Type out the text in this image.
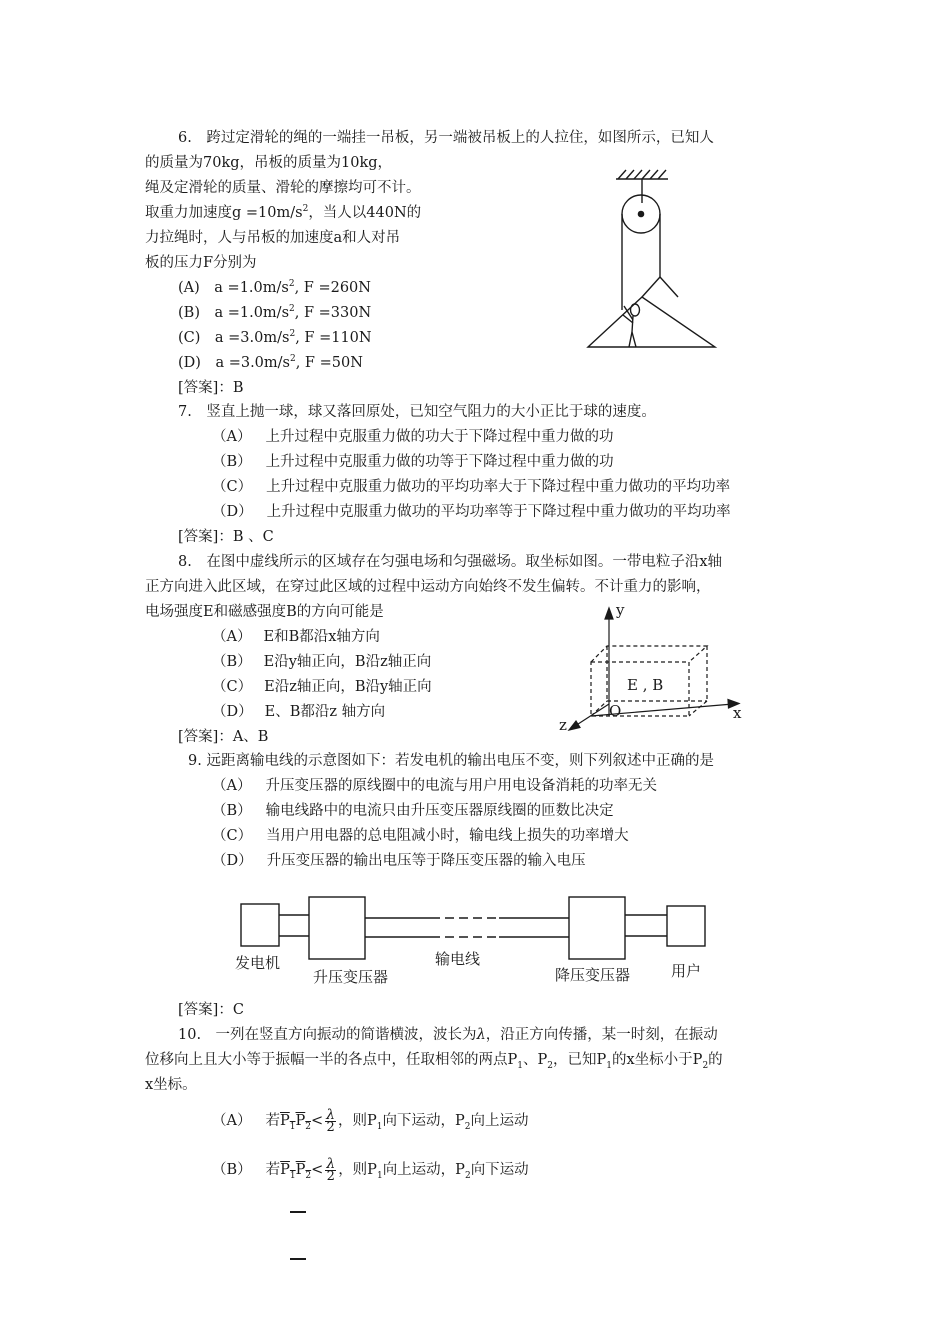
6.　跨过定滑轮的绳的一端挂一吊板，另一端被吊板上的人拉住，如图所示，已知人
的质量为70kg，吊板的质量为10kg，
绳及定滑轮的质量、滑轮的摩擦均可不计。
取重力加速度$g =10m/s^2$，当人以440N的
力拉绳时，人与吊板的加速度a和人对吊
板的压力F分别为
(A)　$a =1.0m/s^2$, F =260N
(B)　$a =1.0m/s^2$, F =330N
(C)　$a =3.0m/s^2$, F =110N
(D)　$a =3.0m/s^2$, F =50N
[答案]：B
7.　竖直上抛一球，球又落回原处，已知空气阻力的大小正比于球的速度。
（A） 上升过程中克服重力做的功大于下降过程中重力做的功
（B） 上升过程中克服重力做的功等于下降过程中重力做的功
（C） 上升过程中克服重力做功的平均功率大于下降过程中重力做功的平均功率
（D） 上升过程中克服重力做功的平均功率等于下降过程中重力做功的平均功率
[答案]：B 、C
8.　在图中虚线所示的区域存在匀强电场和匀强磁场。取坐标如图。一带电粒子沿x轴
正方向进入此区域，在穿过此区域的过程中运动方向始终不发生偏转。不计重力的影响，
电场强度E和磁感强度B的方向可能是
（A） E和B都沿x轴方向
（B） E沿y轴正向，B沿z轴正向
（C） E沿z轴正向，B沿y轴正向
（D） E、B都沿z 轴方向
[答案]：A、B
y
x
z
O
E , B
9. 远距离输电线的示意图如下：若发电机的输出电压不变，则下列叙述中正确的是
（A） 升压变压器的原线圈中的电流与用户用电设备消耗的功率无关
（B） 输电线路中的电流只由升压变压器原线圈的匝数比决定
（C） 当用户用电器的总电阻减小时，输电线上损失的功率增大
（D） 升压变压器的输出电压等于降压变压器的输入电压
发电机
升压变压器
输电线
降压变压器	用户
[答案]：C
10.　一列在竖直方向振动的简谐横波，波长为λ，沿正方向传播，某一时刻，在振动
位移向上且大小等于振幅一半的各点中，任取相邻的两点$P_1$、$P_2$，已知$P_1$的x坐标小于$P_2$的
x坐标。
（A） 若$P_1P_2< \frac{\lambda}{2}$ ，则$P_1$向下运动，$P_2$向上运动
（B） 若$P_1P_2< \frac{\lambda}{2}$ ，则$P_1$向上运动，$P_2$向下运动
